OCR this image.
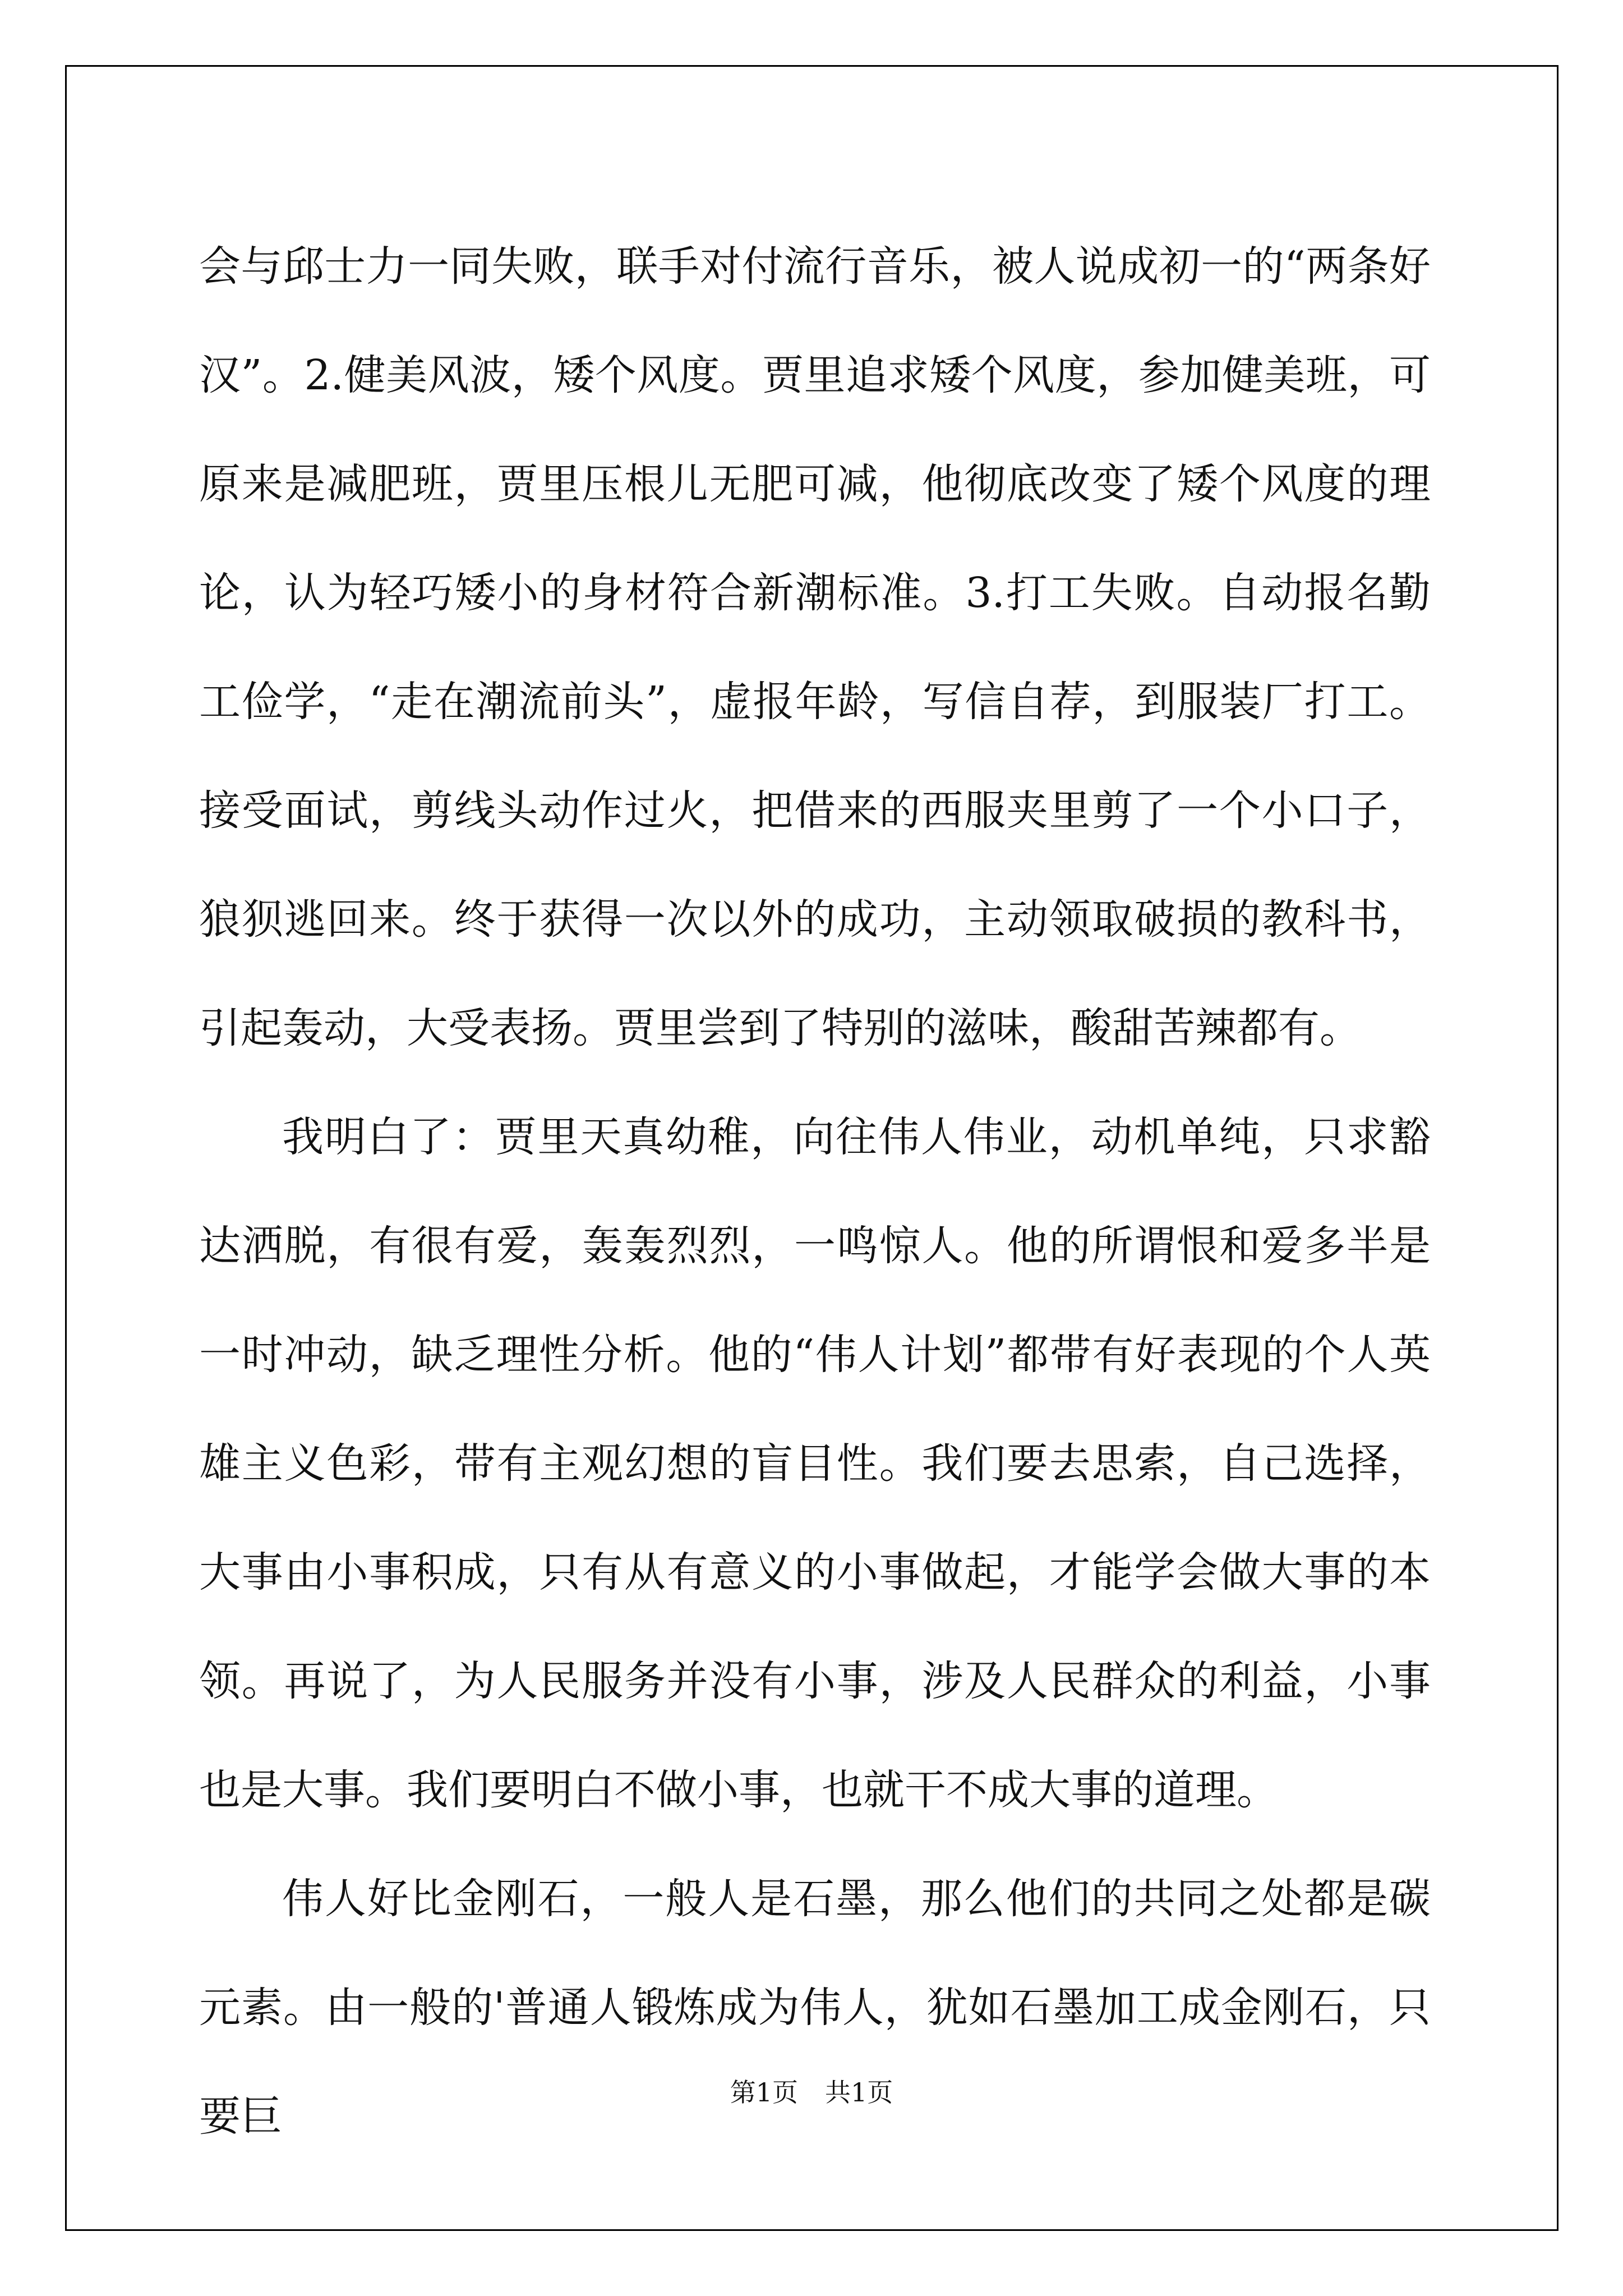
会与邱士力一同失败，联手对付流行音乐，被人说成初一的“两条好汉”。2.健美风波，矮个风度。贾里追求矮个风度，参加健美班，可原来是减肥班，贾里压根儿无肥可减，他彻底改变了矮个风度的理论，认为轻巧矮小的身材符合新潮标准。3.打工失败。自动报名勤工俭学，“走在潮流前头”，虚报年龄，写信自荐，到服装厂打工。接受面试，剪线头动作过火，把借来的西服夹里剪了一个小口子，狼狈逃回来。终于获得一次以外的成功，主动领取破损的教科书，引起轰动，大受表扬。贾里尝到了特别的滋味，酸甜苦辣都有。

我明白了：贾里天真幼稚，向往伟人伟业，动机单纯，只求豁达洒脱，有很有爱，轰轰烈烈，一鸣惊人。他的所谓恨和爱多半是一时冲动，缺乏理性分析。他的“伟人计划”都带有好表现的个人英雄主义色彩，带有主观幻想的盲目性。我们要去思索，自己选择，大事由小事积成，只有从有意义的小事做起，才能学会做大事的本领。再说了，为人民服务并没有小事，涉及人民群众的利益，小事也是大事。我们要明白不做小事，也就干不成大事的道理。

伟人好比金刚石，一般人是石墨，那么他们的共同之处都是碳元素。由一般的'普通人锻炼成为伟人，犹如石墨加工成金刚石，只要巨	第1页 共1页
